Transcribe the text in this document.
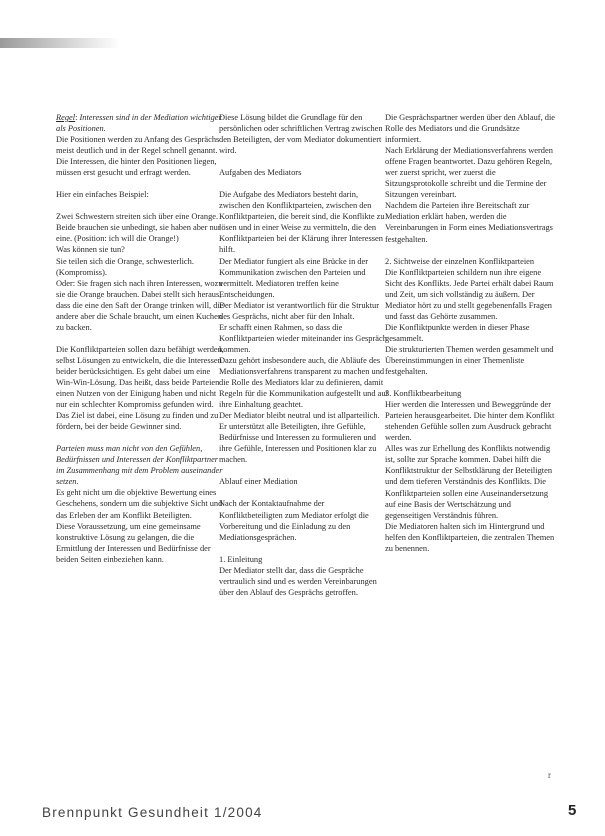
Regel: Interessen sind in der Mediation wichtiger als Positionen.

Die Positionen werden zu Anfang des Gesprächs meist deutlich und in der Regel schnell genannt. Die Interessen, die hinter den Positionen liegen, müssen erst gesucht und erfragt werden.

Hier ein einfaches Beispiel:

Zwei Schwestern streiten sich über eine Orange. Beide brauchen sie unbedingt, sie haben aber nur eine. (Position: ich will die Orange!)

Was können sie tun?

Sie teilen sich die Orange, schwesterlich. (Kompromiss).

Oder: Sie fragen sich nach ihren Interessen, wozu sie die Orange brauchen. Dabei stellt sich heraus, dass die eine den Saft der Orange trinken will, die andere aber die Schale braucht, um einen Kuchen zu backen.

Die Konfliktparteien sollen dazu befähigt werden, selbst Lösungen zu entwickeln, die die Interessen beider berücksichtigen. Es geht dabei um eine Win-Win-Lösung. Das heißt, dass beide Parteien einen Nutzen von der Einigung haben und nicht nur ein schlechter Kompromiss gefunden wird. Das Ziel ist dabei, eine Lösung zu finden und zu fördern, bei der beide Gewinner sind.

Parteien muss man nicht von den Gefühlen, Bedürfnissen und Interessen der Konfliktpartner im Zusammenhang mit dem Problem auseinander setzen.

Es geht nicht um die objektive Bewertung eines Geschehens, sondern um die subjektive Sicht und das Erleben der am Konflikt Beteiligten.

Diese Voraussetzung, um eine gemeinsame konstruktive Lösung zu gelangen, die die Ermittlung der Interessen und Bedürfnisse der beiden Seiten einbeziehen kann.

Diese Lösung bildet die Grundlage für den persönlichen oder schriftlichen Vertrag zwischen den Beteiligten, der vom Mediator dokumentiert wird.

Aufgaben des Mediators

Die Aufgabe des Mediators besteht darin, zwischen den Konfliktparteien, zwischen den Konfliktparteien, die bereit sind, die Konflikte zu lösen und in einer Weise zu vermitteln, die den Konfliktparteien bei der Klärung ihrer Interessen hilft.

Der Mediator fungiert als eine Brücke in der Kommunikation zwischen den Parteien und vermittelt. Mediatoren treffen keine Entscheidungen.

Der Mediator ist verantwortlich für die Struktur des Gesprächs, nicht aber für den Inhalt.

Er schafft einen Rahmen, so dass die Konfliktparteien wieder miteinander ins Gespräch kommen.

Dazu gehört insbesondere auch, die Abläufe des Mediationsverfahrens transparent zu machen und die Rolle des Mediators klar zu definieren, damit Regeln für die Kommunikation aufgestellt und auf ihre Einhaltung geachtet.

Der Mediator bleibt neutral und ist allparteilich.

Er unterstützt alle Beteiligten, ihre Gefühle, Bedürfnisse und Interessen zu formulieren und ihre Gefühle, Interessen und Positionen klar zu machen.

Ablauf einer Mediation

Nach der Kontaktaufnahme der Konfliktbeteiligten zum Mediator erfolgt die Vorbereitung und die Einladung zu den Mediationsgesprächen.

1. Einleitung

Der Mediator stellt dar, dass die Gespräche vertraulich sind und es werden Vereinbarungen über den Ablauf des Gesprächs getroffen.

Die Gesprächspartner werden über den Ablauf, die Rolle des Mediators und die Grundsätze informiert.

Nach Erklärung der Mediationsverfahrens werden offene Fragen beantwortet. Dazu gehören Regeln, wer zuerst spricht, wer zuerst die Sitzungsprotokolle schreibt und die Termine der Sitzungen vereinbart.

Nachdem die Parteien ihre Bereitschaft zur Mediation erklärt haben, werden die Vereinbarungen in Form eines Mediationsvertrags festgehalten.

2. Sichtweise der einzelnen Konfliktparteien

Die Konfliktparteien schildern nun ihre eigene Sicht des Konflikts. Jede Partei erhält dabei Raum und Zeit, um sich vollständig zu äußern. Der Mediator hört zu und stellt gegebenenfalls Fragen und fasst das Gehörte zusammen.

Die Konfliktpunkte werden in dieser Phase gesammelt.

Die strukturierten Themen werden gesammelt und Übereinstimmungen in einer Themenliste festgehalten.

3. Konfliktbearbeitung

Hier werden die Interessen und Beweggründe der Parteien herausgearbeitet. Die hinter dem Konflikt stehenden Gefühle sollen zum Ausdruck gebracht werden.

Alles was zur Erhellung des Konflikts notwendig ist, sollte zur Sprache kommen. Dabei hilft die Konfliktstruktur der Selbstklärung der Beteiligten und dem tieferen Verständnis des Konflikts. Die Konfliktparteien sollen eine Auseinandersetzung auf eine Basis der Wertschätzung und gegenseitigen Verständnis führen.

Die Mediatoren halten sich im Hintergrund und helfen den Konfliktparteien, die zentralen Themen zu benennen.

r
Brennpunkt Gesundheit 1/2004	5
